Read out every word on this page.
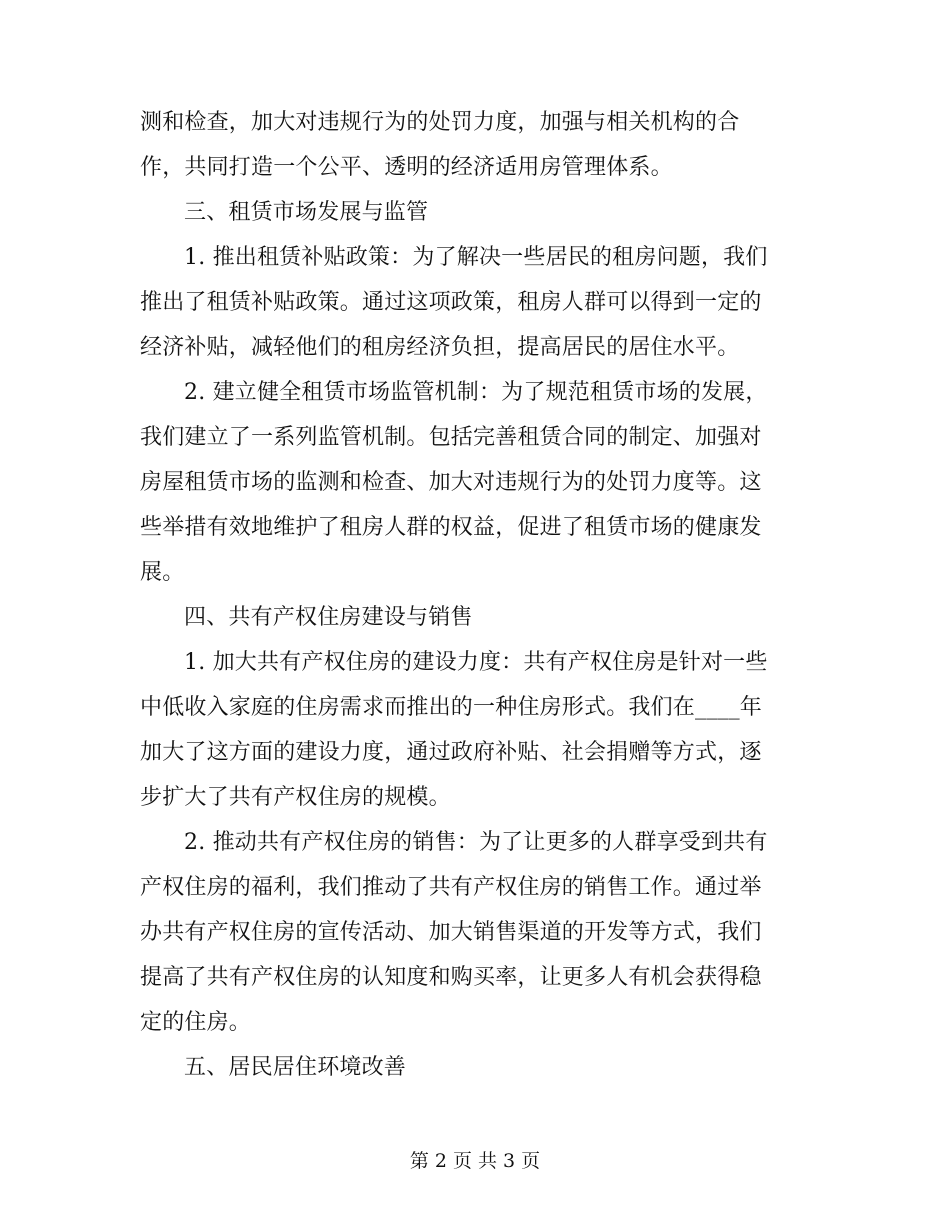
测和检查，加大对违规行为的处罚力度，加强与相关机构的合
作，共同打造一个公平、透明的经济适用房管理体系。
三、租赁市场发展与监管
1. 推出租赁补贴政策：为了解决一些居民的租房问题，我们
推出了租赁补贴政策。通过这项政策，租房人群可以得到一定的
经济补贴，减轻他们的租房经济负担，提高居民的居住水平。
2. 建立健全租赁市场监管机制：为了规范租赁市场的发展，
我们建立了一系列监管机制。包括完善租赁合同的制定、加强对
房屋租赁市场的监测和检查、加大对违规行为的处罚力度等。这
些举措有效地维护了租房人群的权益，促进了租赁市场的健康发
展。
四、共有产权住房建设与销售
1. 加大共有产权住房的建设力度：共有产权住房是针对一些
中低收入家庭的住房需求而推出的一种住房形式。我们在____年
加大了这方面的建设力度，通过政府补贴、社会捐赠等方式，逐
步扩大了共有产权住房的规模。
2. 推动共有产权住房的销售：为了让更多的人群享受到共有
产权住房的福利，我们推动了共有产权住房的销售工作。通过举
办共有产权住房的宣传活动、加大销售渠道的开发等方式，我们
提高了共有产权住房的认知度和购买率，让更多人有机会获得稳
定的住房。
五、居民居住环境改善
第 2 页 共 3 页
